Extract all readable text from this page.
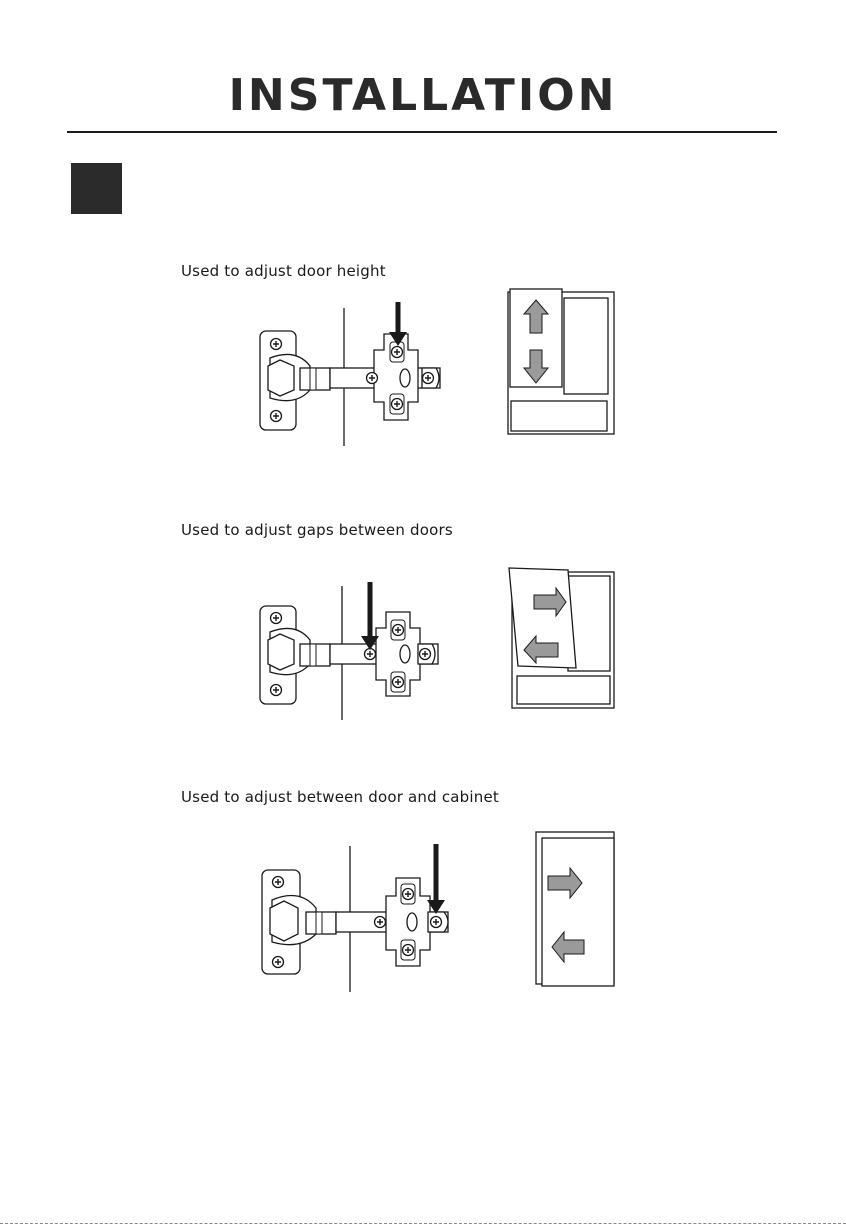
INSTALLATION
Used to adjust door height
Used to adjust gaps between doors
Used to adjust between door and cabinet
